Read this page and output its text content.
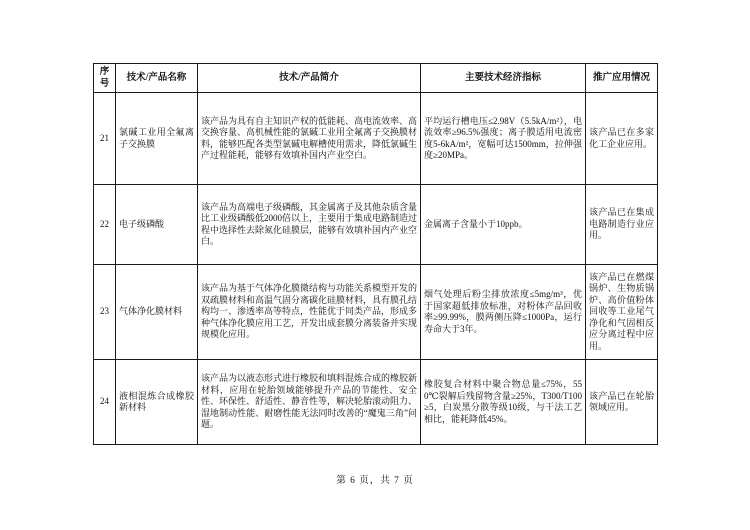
序号	技术/产品名称	技术/产品简介	主要技术经济指标	推广应用情况
21	氯碱工业用全氟离子交换膜	该产品为具有自主知识产权的低能耗、高电流效率、高交换容量、高机械性能的氯碱工业用全氟离子交换膜材料，能够匹配各类型氯碱电解槽使用需求，降低氯碱生产过程能耗，能够有效填补国内产业空白。	平均运行槽电压≤2.98V（5.5kA/m²），电流效率≥96.5%强度；离子膜适用电流密度5-6kA/m²，宽幅可达1500mm，拉伸强度≥20MPa。	该产品已在多家化工企业应用。
22	电子级磷酸	该产品为高端电子级磷酸，其金属离子及其他杂质含量比工业级磷酸低2000倍以上，主要用于集成电路制造过程中选择性去除氮化硅膜层，能够有效填补国内产业空白。	金属离子含量小于10ppb。	该产品已在集成电路制造行业应用。
23	气体净化膜材料	该产品为基于气体净化膜微结构与功能关系模型开发的双疏膜材料和高温气固分离碳化硅膜材料，具有膜孔结构均一、渗透率高等特点，性能优于同类产品，形成多种气体净化膜应用工艺，开发出成套膜分离装备并实现规模化应用。	烟气处理后粉尘排放浓度≤5mg/m³，优于国家超低排放标准，对粉体产品回收率≥99.99%，膜两侧压降≤1000Pa，运行寿命大于3年。	该产品已在燃煤锅炉、生物质锅炉、高价值粉体回收等工业尾气净化和气固相反应分离过程中应用。
24	液相混炼合成橡胶新材料	该产品为以液态形式进行橡胶和填料混炼合成的橡胶新材料，应用在轮胎领域能够提升产品的节能性、安全性、环保性、舒适性、静音性等，解决轮胎滚动阻力、湿地制动性能、耐磨性能无法同时改善的“魔鬼三角”问题。	橡胶复合材料中聚合物总量≤75%，550℃裂解后残留物含量≥25%，T300/T100≥5，白炭黑分散等级10级，与干法工艺相比，能耗降低45%。	该产品已在轮胎领域应用。
第 6 页，共 7 页
